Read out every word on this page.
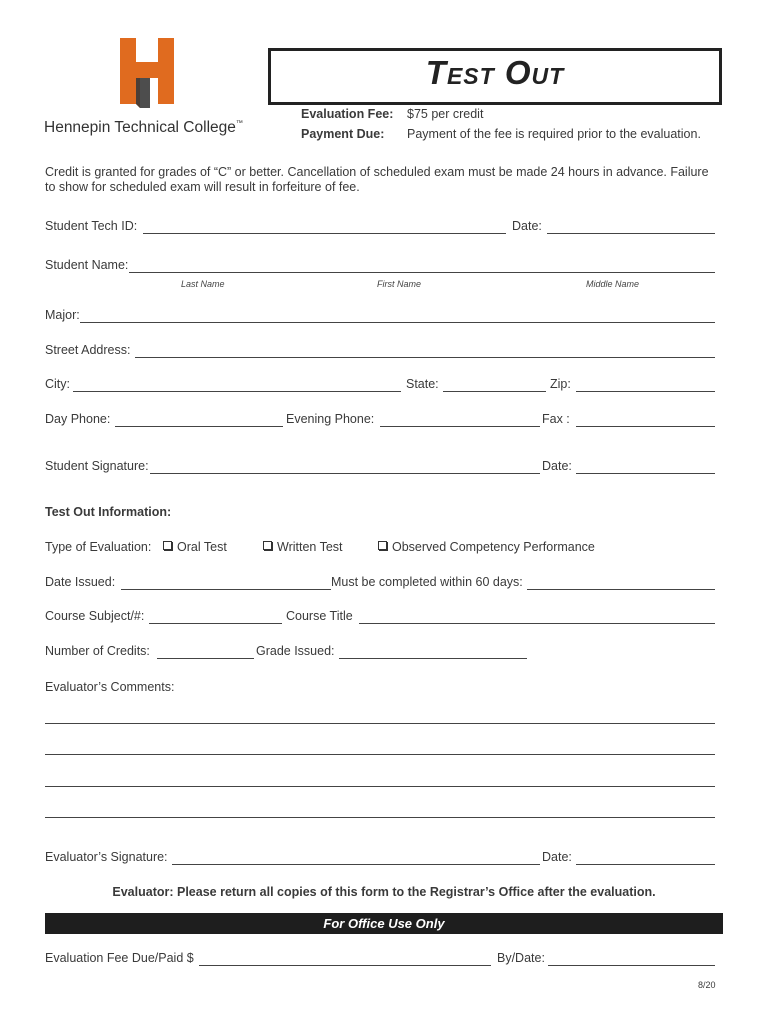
Hennepin Technical College™
Test Out
Evaluation Fee: $75 per credit
Payment Due: Payment of the fee is required prior to the evaluation.
Credit is granted for grades of “C” or better. Cancellation of scheduled exam must be made 24 hours in advance. Failure
to show for scheduled exam will result in forfeiture of fee.
Student Tech ID:	Date:
Student Name:
Last Name	First Name	Middle Name
Major:
Street Address:
City:	State:	Zip:
Day Phone:	Evening Phone:	Fax :
Student Signature:	Date:
Test Out Information:
Type of Evaluation:	Oral Test	Written Test	Observed Competency Performance
Date Issued:	Must be completed within 60 days:
Course Subject/#:	Course Title
Number of Credits:	Grade Issued:
Evaluator’s Comments:
Evaluator’s Signature:	Date:
Evaluator: Please return all copies of this form to the Registrar’s Office after the evaluation.
For Office Use Only
Evaluation Fee Due/Paid $	By/Date:
8/20
